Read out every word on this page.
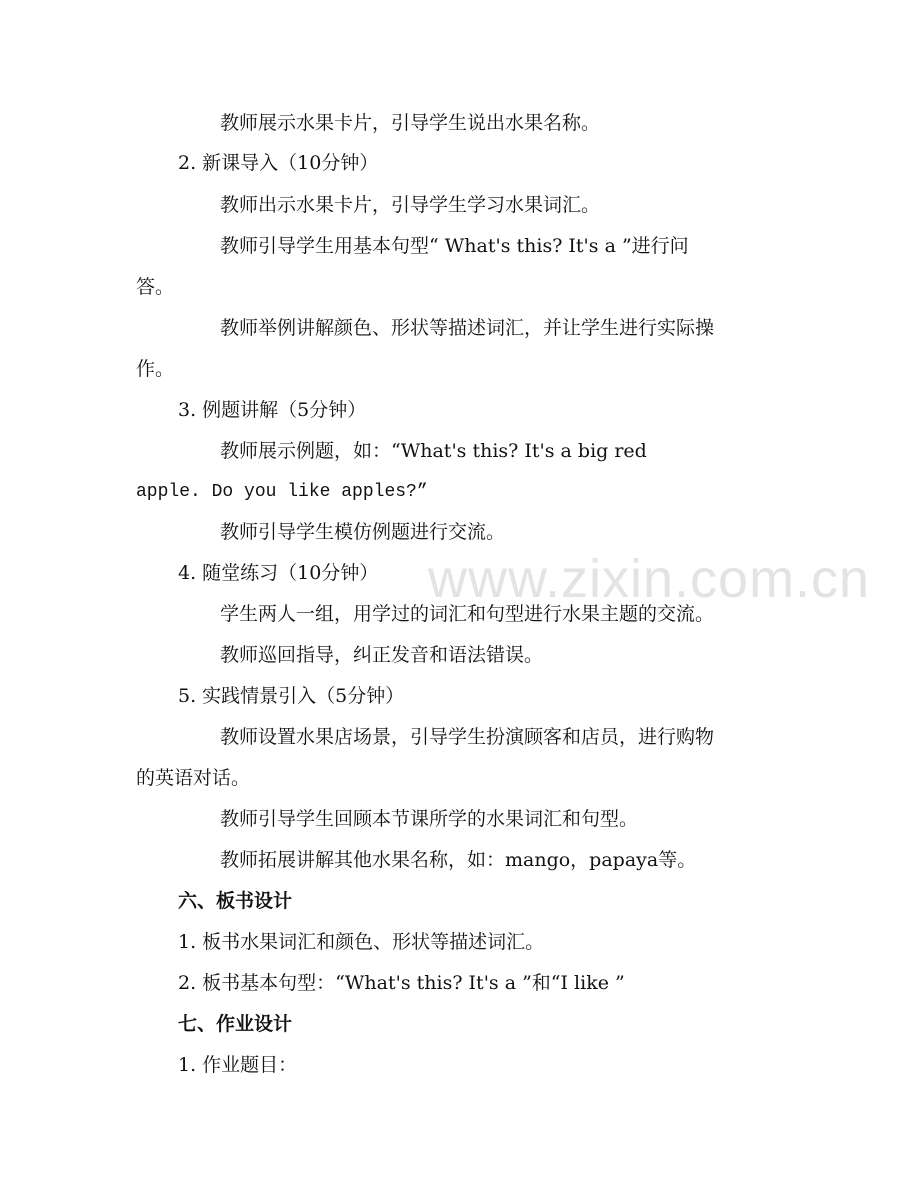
www.zixin.com.cn
教师展示水果卡片，引导学生说出水果名称。
2. 新课导入（10分钟）
教师出示水果卡片，引导学生学习水果词汇。
教师引导学生用基本句型“ What's this? It's a ”进行问
答。
教师举例讲解颜色、形状等描述词汇，并让学生进行实际操
作。
3. 例题讲解（5分钟）
教师展示例题，如：“What's this? It's a big red
apple. Do you like apples?”
教师引导学生模仿例题进行交流。
4. 随堂练习（10分钟）
学生两人一组，用学过的词汇和句型进行水果主题的交流。
教师巡回指导，纠正发音和语法错误。
5. 实践情景引入（5分钟）
教师设置水果店场景，引导学生扮演顾客和店员，进行购物
的英语对话。
教师引导学生回顾本节课所学的水果词汇和句型。
教师拓展讲解其他水果名称，如：mango，papaya等。
六、板书设计
1. 板书水果词汇和颜色、形状等描述词汇。
2. 板书基本句型：“What's this? It's a ”和“I like ”
七、作业设计
1. 作业题目：
